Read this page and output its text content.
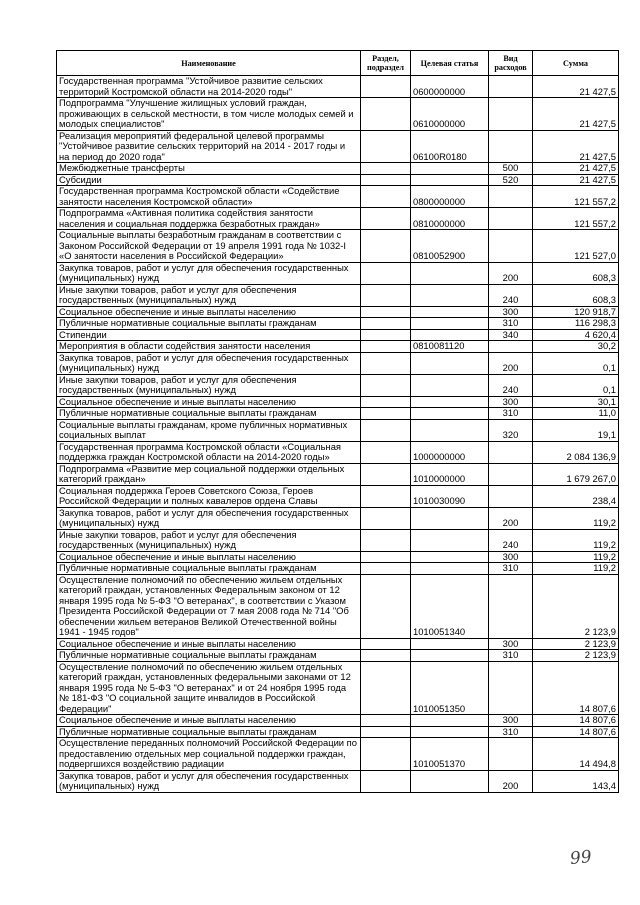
Наименование	Раздел, подраздел	Целевая статья	Вид расходов	Сумма
Государственная программа "Устойчивое развитие сельских территорий Костромской области на 2014-2020 годы"		0600000000		21 427,5
Подпрограмма "Улучшение жилищных условий граждан, проживающих в сельской местности, в том числе молодых семей и молодых специалистов"		0610000000		21 427,5
Реализация мероприятий федеральной целевой программы "Устойчивое развитие сельских территорий на 2014 - 2017 годы и на период до 2020 года"		06100R0180		21 427,5
Межбюджетные трансферты			500	21 427,5
Субсидии			520	21 427,5
Государственная программа Костромской области «Содействие занятости населения Костромской области»		0800000000		121 557,2
Подпрограмма «Активная политика содействия занятости населения и социальная поддержка безработных граждан»		0810000000		121 557,2
Социальные выплаты безработным гражданам в соответствии с Законом Российской Федерации от 19 апреля 1991 года № 1032-I «О занятости населения в Российской Федерации»		0810052900		121 527,0
Закупка товаров, работ и услуг для обеспечения государственных (муниципальных) нужд			200	608,3
Иные закупки товаров, работ и услуг для обеспечения государственных (муниципальных) нужд			240	608,3
Социальное обеспечение и иные выплаты населению			300	120 918,7
Публичные нормативные социальные выплаты гражданам			310	116 298,3
Стипендии			340	4 620,4
Мероприятия в области содействия занятости населения		0810081120		30,2
Закупка товаров, работ и услуг для обеспечения государственных (муниципальных) нужд			200	0,1
Иные закупки товаров, работ и услуг для обеспечения государственных (муниципальных) нужд			240	0,1
Социальное обеспечение и иные выплаты населению			300	30,1
Публичные нормативные социальные выплаты гражданам			310	11,0
Социальные выплаты гражданам, кроме публичных нормативных социальных выплат			320	19,1
Государственная программа Костромской области «Социальная поддержка граждан Костромской области на 2014-2020 годы»		1000000000		2 084 136,9
Подпрограмма «Развитие мер социальной поддержки отдельных категорий граждан»		1010000000		1 679 267,0
Социальная поддержка Героев Советского Союза, Героев Российской Федерации и полных кавалеров ордена Славы		1010030090		238,4
Закупка товаров, работ и услуг для обеспечения государственных (муниципальных) нужд			200	119,2
Иные закупки товаров, работ и услуг для обеспечения государственных (муниципальных) нужд			240	119,2
Социальное обеспечение и иные выплаты населению			300	119,2
Публичные нормативные социальные выплаты гражданам			310	119,2
Осуществление полномочий по обеспечению жильем отдельных категорий граждан, установленных Федеральным законом от 12 января 1995 года № 5-ФЗ "О ветеранах", в соответствии с Указом Президента Российской Федерации от 7 мая 2008 года № 714 "Об обеспечении жильем ветеранов Великой Отечественной войны 1941 - 1945 годов"		1010051340		2 123,9
Социальное обеспечение и иные выплаты населению			300	2 123,9
Публичные нормативные социальные выплаты гражданам			310	2 123,9
Осуществление полномочий по обеспечению жильем отдельных категорий граждан, установленных федеральными законами от 12 января 1995 года № 5-ФЗ "О ветеранах" и от 24 ноября 1995 года № 181-ФЗ "О социальной защите инвалидов в Российской Федерации"		1010051350		14 807,6
Социальное обеспечение и иные выплаты населению			300	14 807,6
Публичные нормативные социальные выплаты гражданам			310	14 807,6
Осуществление переданных полномочий Российской Федерации по предоставлению отдельных мер социальной поддержки граждан, подвергшихся воздействию радиации		1010051370		14 494,8
Закупка товаров, работ и услуг для обеспечения государственных (муниципальных) нужд			200	143,4
99
